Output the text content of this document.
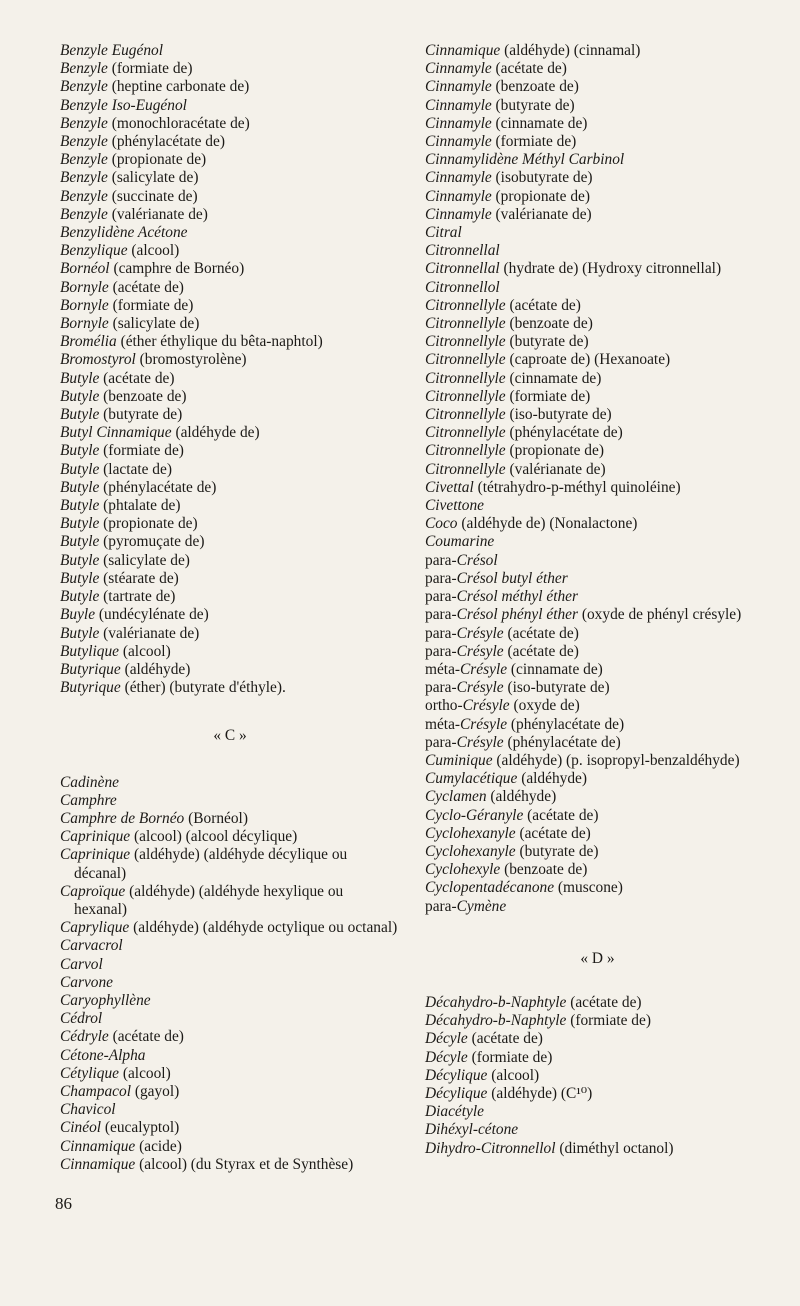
Benzyle Eugénol

Benzyle (formiate de)

Benzyle (heptine carbonate de)

Benzyle Iso-Eugénol

Benzyle (monochloracétate de)

Benzyle (phénylacétate de)

Benzyle (propionate de)

Benzyle (salicylate de)

Benzyle (succinate de)

Benzyle (valérianate de)

Benzylidène Acétone

Benzylique (alcool)

Bornéol (camphre de Bornéo)

Bornyle (acétate de)

Bornyle (formiate de)

Bornyle (salicylate de)

Broméliа (éther éthylique du bêta-naphtol)

Bromostyrol (bromostyrolène)

Butyle (acétate de)

Butyle (benzoate de)

Butyle (butyrate de)

Butyl Cinnamique (aldéhyde de)

Butyle (formiate de)

Butyle (lactate de)

Butyle (phénylacétate de)

Butyle (phtalate de)

Butyle (propionate de)

Butyle (pyromuçate de)

Butyle (salicylate de)

Butyle (stéarate de)

Butyle (tartrate de)

Buyle (undécylénate de)

Butyle (valérianate de)

Butylique (alcool)

Butyrique (aldéhyde)

Butyrique (éther) (butyrate d'éthyle).

« C »

Cadinène

Camphre

Camphre de Bornéo (Bornéol)

Caprinique (alcool) (alcool décylique)

Caprinique (aldéhyde) (aldéhyde décylique ou décanal)

Caproïque (aldéhyde) (aldéhyde hexylique ou hexanal)

Caprylique (aldéhyde) (aldéhyde octylique ou octanal)

Carvacrol

Carvol

Carvone

Caryophyllène

Cédrol

Cédryle (acétate de)

Cétone-Alpha

Cétylique (alcool)

Champacol (gayol)

Chavicol

Cinéol (eucalyptol)

Cinnamique (acide)

Cinnamique (alcool) (du Styrax et de Synthèse)

Cinnamique (aldéhyde) (cinnamal)

Cinnamyle (acétate de)

Cinnamyle (benzoate de)

Cinnamyle (butyrate de)

Cinnamyle (cinnamate de)

Cinnamyle (formiate de)

Cinnamylidène Méthyl Carbinol

Cinnamyle (isobutyrate de)

Cinnamyle (propionate de)

Cinnamyle (valérianate de)

Citral

Citronnellal

Citronnellal (hydrate de) (Hydroxy citronnellal)

Citronnellol

Citronnellyle (acétate de)

Citronnellyle (benzoate de)

Citronnellyle (butyrate de)

Citronnellyle (caproate de) (Hexanoate)

Citronnellyle (cinnamate de)

Citronnellyle (formiate de)

Citronnellyle (iso-butyrate de)

Citronnellyle (phénylacétate de)

Citronnellyle (propionate de)

Citronnellyle (valérianate de)

Civettal (tétrahydro-p-méthyl quinoléine)

Civettone

Coco (aldéhyde de) (Nonalactone)

Coumarine

para-Crésol

para-Crésol butyl éther

para-Crésol méthyl éther

para-Crésol phényl éther (oxyde de phényl crésyle)

para-Crésyle (acétate de)

para-Crésyle (acétate de)

méta-Crésyle (cinnamate de)

para-Crésyle (iso-butyrate de)

ortho-Crésyle (oxyde de)

méta-Crésyle (phénylacétate de)

para-Crésyle (phénylacétate de)

Cuminique (aldéhyde) (p. isopropyl-benzaldéhyde)

Cumylacétique (aldéhyde)

Cyclamen (aldéhyde)

Cyclo-Géranyle (acétate de)

Cyclohexanyle (acétate de)

Cyclohexanyle (butyrate de)

Cyclohexyle (benzoate de)

Cyclopentadécanone (muscone)

para-Cymène

« D »

Décahydro-b-Naphtyle (acétate de)

Décahydro-b-Naphtyle (formiate de)

Décyle (acétate de)

Décyle (formiate de)

Décylique (alcool)

Décylique (aldéhyde) (C¹⁰)

Diacétyle

Dihéxyl-cétone

Dihydro-Citronnellol (diméthyl octanol)

86
